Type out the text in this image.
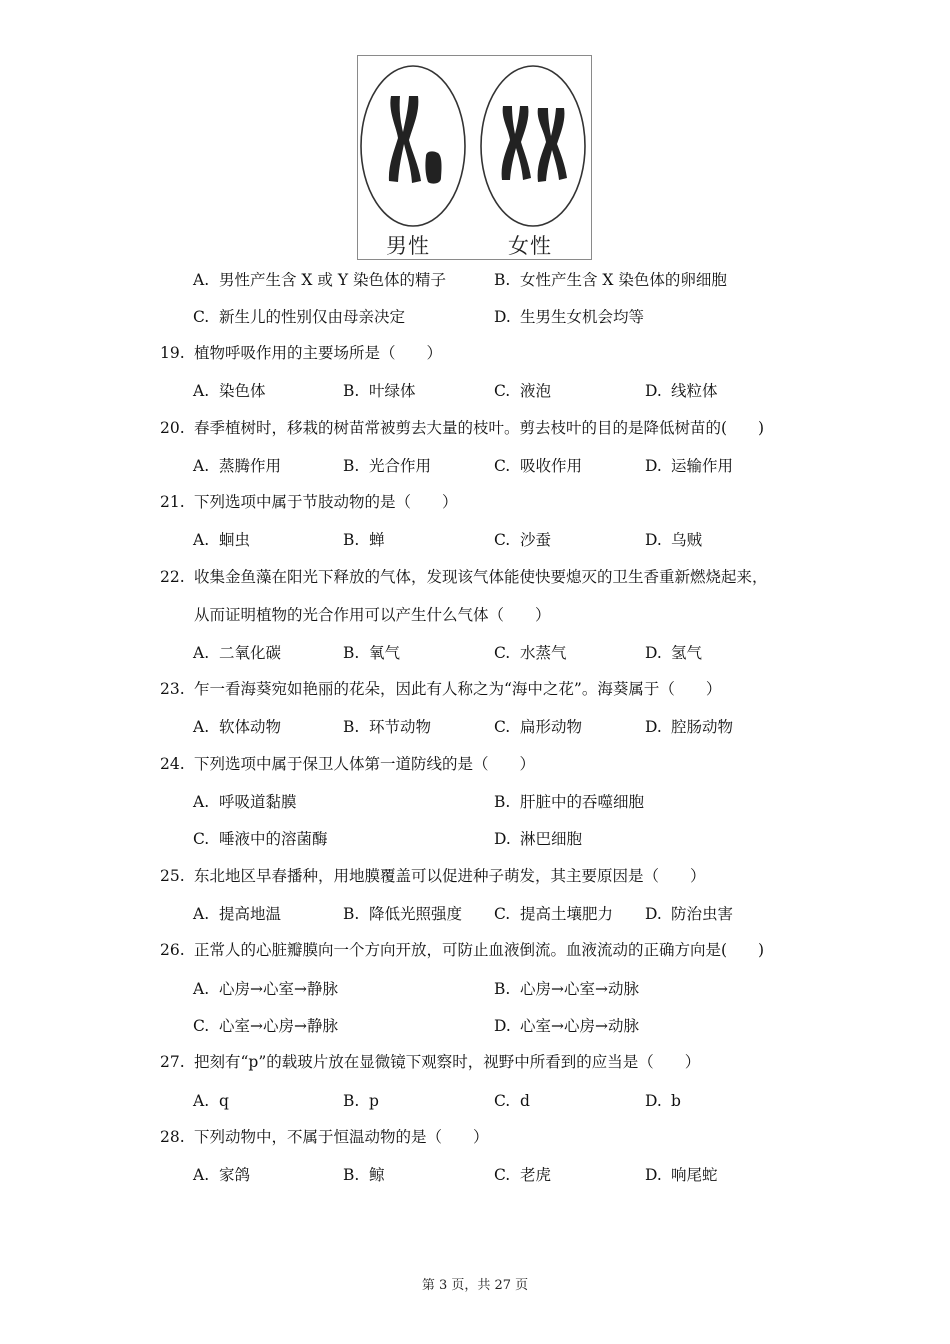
男性	女性
A. 男性产生含 X 或 Y 染色体的精子	B. 女性产生含 X 染色体的卵细胞
C. 新生儿的性别仅由母亲决定	D. 生男生女机会均等
19. 植物呼吸作用的主要场所是（　　）
A. 染色体	B. 叶绿体	C. 液泡	D. 线粒体
20. 春季植树时，移栽的树苗常被剪去大量的枝叶。剪去枝叶的目的是降低树苗的(　　)
A. 蒸腾作用	B. 光合作用	C. 吸收作用	D. 运输作用
21. 下列选项中属于节肢动物的是（　　）
A. 蛔虫	B. 蝉	C. 沙蚕	D. 乌贼
22. 收集金鱼藻在阳光下释放的气体，发现该气体能使快要熄灭的卫生香重新燃烧起来，
从而证明植物的光合作用可以产生什么气体（　　）
A. 二氧化碳	B. 氧气	C. 水蒸气	D. 氢气
23. 乍一看海葵宛如艳丽的花朵，因此有人称之为“海中之花”。海葵属于（　　）
A. 软体动物	B. 环节动物	C. 扁形动物	D. 腔肠动物
24. 下列选项中属于保卫人体第一道防线的是（　　）
A. 呼吸道黏膜	B. 肝脏中的吞噬细胞
C. 唾液中的溶菌酶	D. 淋巴细胞
25. 东北地区早春播种，用地膜覆盖可以促进种子萌发，其主要原因是（　　）
A. 提高地温	B. 降低光照强度 C. 提高土壤肥力 D. 防治虫害
26. 正常人的心脏瓣膜向一个方向开放，可防止血液倒流。血液流动的正确方向是(　　)
A. 心房→心室→静脉	B. 心房→心室→动脉
C. 心室→心房→静脉	D. 心室→心房→动脉
27. 把刻有“p”的载玻片放在显微镜下观察时，视野中所看到的应当是（　　）
A. q	B. p	C. d	D. b
28. 下列动物中，不属于恒温动物的是（　　）
A. 家鸽	B. 鲸	C. 老虎	D. 响尾蛇
第 3 页，共 27 页
